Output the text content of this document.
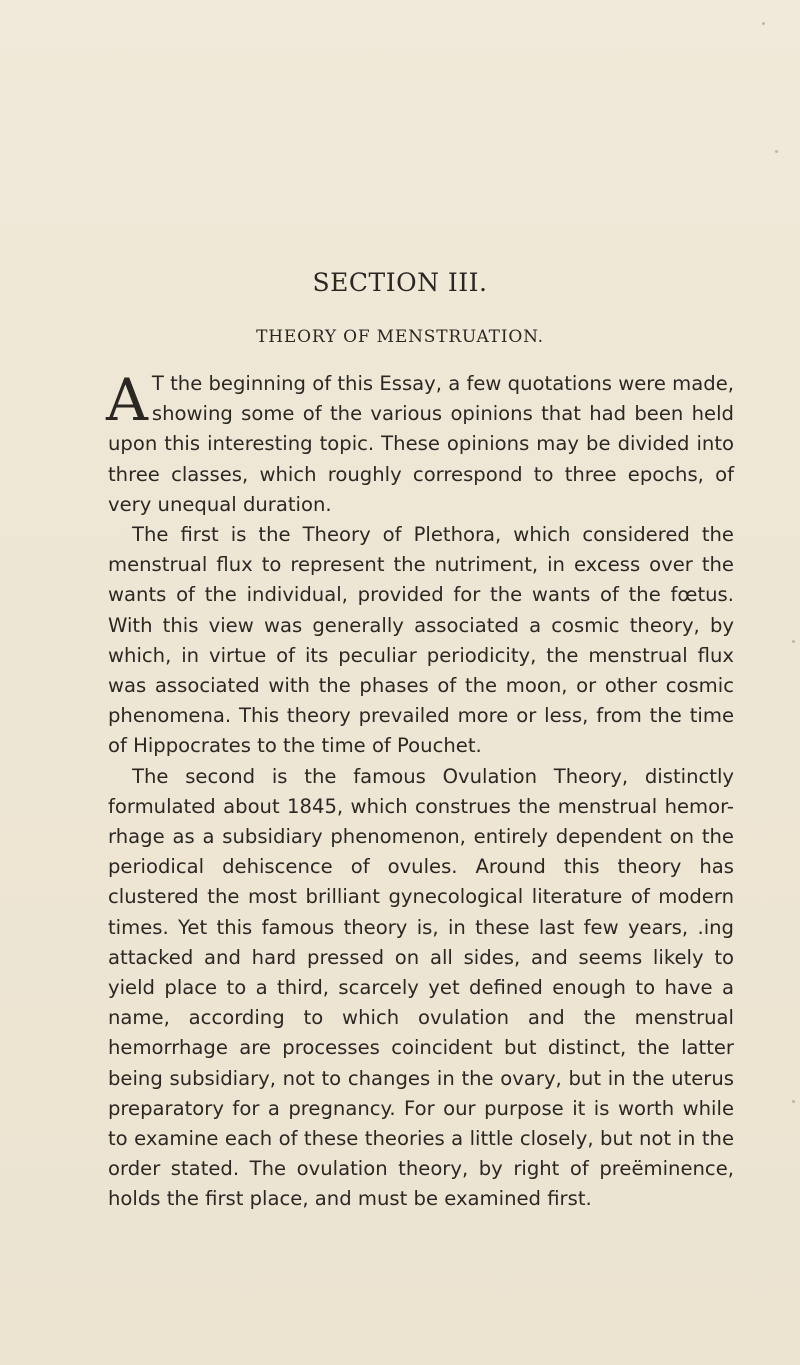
SECTION III.
THEORY OF MENSTRUATION.

A T the beginning of this Essay, a few quotations were made, showing some of the various opinions that had been held upon this interesting topic. These opinions may be divided into three classes, which roughly correspond to three epochs, of very unequal duration.

The first is the Theory of Plethora, which considered the menstrual flux to represent the nutriment, in excess over the wants of the individual, provided for the wants of the fœtus. With this view was generally associated a cosmic theory, by which, in virtue of its peculiar periodicity, the menstrual flux was associated with the phases of the moon, or other cosmic phenomena. This theory prevailed more or less, from the time of Hippocrates to the time of Pouchet.

The second is the famous Ovulation Theory, distinctly formulated about 1845, which construes the menstrual hemor-rhage as a subsidiary phenomenon, entirely dependent on the periodical dehiscence of ovules. Around this theory has clustered the most brilliant gynecological literature of modern times. Yet this famous theory is, in these last few years, .ing attacked and hard pressed on all sides, and seems likely to yield place to a third, scarcely yet defined enough to have a name, according to which ovulation and the menstrual hemorrhage are processes coincident but distinct, the latter being subsidiary, not to changes in the ovary, but in the uterus preparatory for a pregnancy. For our purpose it is worth while to examine each of these theories a little closely, but not in the order stated. The ovulation theory, by right of preëminence, holds the first place, and must be examined first.
